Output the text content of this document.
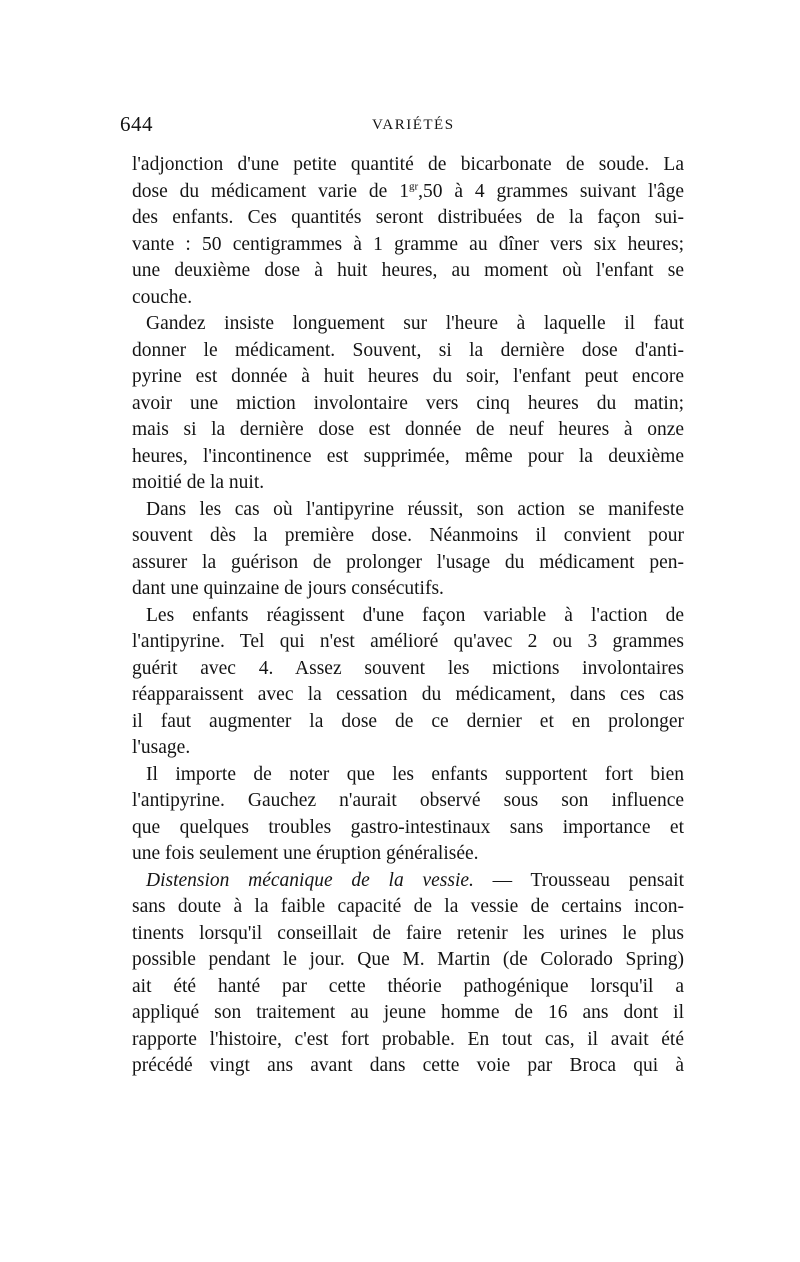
644	VARIÉTÉS
l'adjonction d'une petite quantité de bicarbonate de soude. La
dose du médicament varie de $1^{gr},50$ à 4 grammes suivant l'âge
des enfants. Ces quantités seront distribuées de la façon sui-
vante : 50 centigrammes à 1 gramme au dîner vers six heures;
une deuxième dose à huit heures, au moment où l'enfant se
couche.
Gandez insiste longuement sur l'heure à laquelle il faut
donner le médicament. Souvent, si la dernière dose d'anti-
pyrine est donnée à huit heures du soir, l'enfant peut encore
avoir une miction involontaire vers cinq heures du matin;
mais si la dernière dose est donnée de neuf heures à onze
heures, l'incontinence est supprimée, même pour la deuxième
moitié de la nuit.
Dans les cas où l'antipyrine réussit, son action se manifeste
souvent dès la première dose. Néanmoins il convient pour
assurer la guérison de prolonger l'usage du médicament pen-
dant une quinzaine de jours consécutifs.
Les enfants réagissent d'une façon variable à l'action de
l'antipyrine. Tel qui n'est amélioré qu'avec 2 ou 3 grammes
guérit avec 4. Assez souvent les mictions involontaires
réapparaissent avec la cessation du médicament, dans ces cas
il faut augmenter la dose de ce dernier et en prolonger
l'usage.
Il importe de noter que les enfants supportent fort bien
l'antipyrine. Gauchez n'aurait observé sous son influence
que quelques troubles gastro-intestinaux sans importance et
une fois seulement une éruption généralisée.
Distension mécanique de la vessie. — Trousseau pensait
sans doute à la faible capacité de la vessie de certains incon-
tinents lorsqu'il conseillait de faire retenir les urines le plus
possible pendant le jour. Que M. Martin (de Colorado Spring)
ait été hanté par cette théorie pathogénique lorsqu'il a
appliqué son traitement au jeune homme de 16 ans dont il
rapporte l'histoire, c'est fort probable. En tout cas, il avait été
précédé vingt ans avant dans cette voie par Broca qui à
